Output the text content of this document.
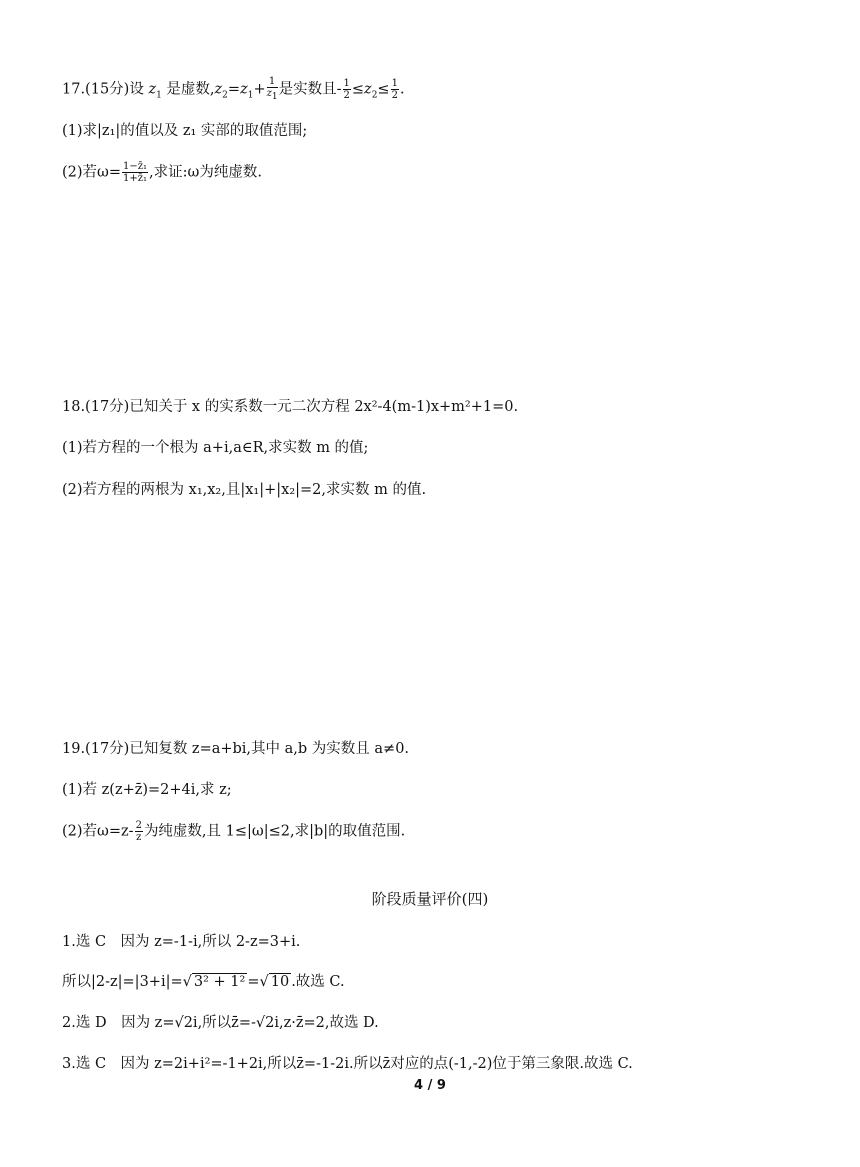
17.(15分)设 $z_1$ 是虚数$,z_2=z_1+ \frac{1}{z_1}$ 是实数且- $\frac{1}{2} \le z_2\le \frac{1}{2}$ .
(1)求|z₁|的值以及 z₁ 实部的取值范围;
(2)若$\omega= \frac{\text{1−z̄₁}}{\text{1+z̄₁}}$ ,求证:ω为纯虚数.
18.(17分)已知关于 x 的实系数一元二次方程 2x²-4(m-1)x+m²+1=0.
(1)若方程的一个根为 a+i,a∈R,求实数 m 的值;
(2)若方程的两根为 x₁,x₂,且|x₁|+|x₂|=2,求实数 m 的值.
19.(17分)已知复数 z=a+bi,其中 a,b 为实数且 a≠0.
(1)若 z(z+z̄)=2+4i,求 z;
(2)若$\omega=z- \frac{2}{z}$ 为纯虚数,且 1≤|ω|≤2,求|b|的取值范围.
阶段质量评价(四)
1.选 C　因为 z=-1-i,所以 2-z=3+i.
所以|2-z|=|3+i|=√ 3² + 1² =√ 10 .故选 C.
2.选 D　因为 z=√2i,所以z̄=-√2i,z·z̄=2,故选 D.
3.选 C　因为 z=2i+i²=-1+2i,所以z̄=-1-2i.所以z̄对应的点(-1,-2)位于第三象限.故选 C.
4 / 9
